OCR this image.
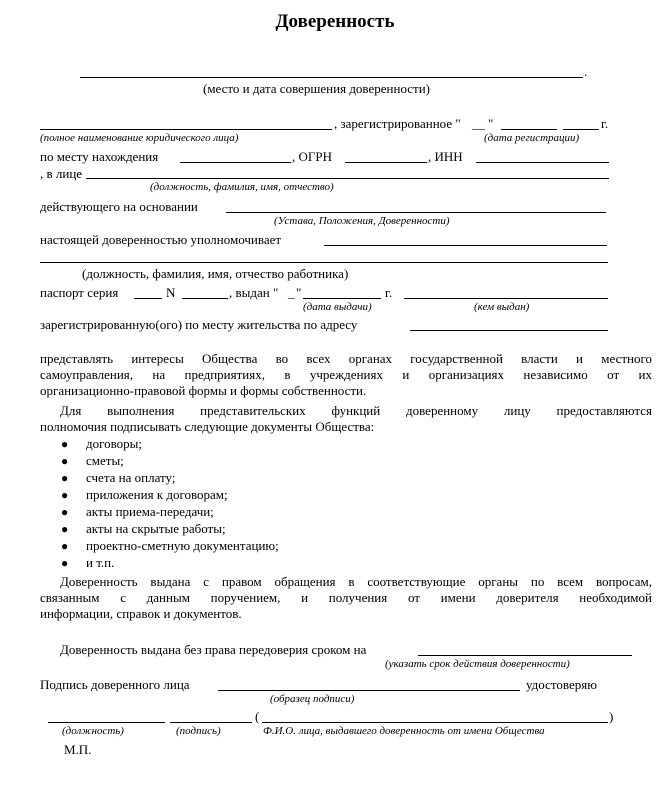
Доверенность
.
(место и дата совершения доверенности)
, зарегистрированное " __ "	г.
(полное наименование юридического лица)	(дата регистрации)
по месту нахождения	, ОГРН	, ИНН
, в лице
(должность, фамилия, имя, отчество)
действующего на основании
(Устава, Положения, Доверенности)
настоящей доверенностью уполномочивает
(должность, фамилия, имя, отчество работника)
паспорт серия	N	, выдан " _ "	г.
(дата выдачи)	(кем выдан)
зарегистрированную(ого) по месту жительства по адресу
представлять интересы Общества во всех органах государственной власти и местного
самоуправления, на предприятиях, в учреждениях и организациях независимо от их
организационно-правовой формы и формы собственности.
Для выполнения представительских функций доверенному лицу предоставляются
полномочия подписывать следующие документы Общества:
● договоры;
● сметы;
● счета на оплату;
● приложения к договорам;
● акты приема-передачи;
● акты на скрытые работы;
● проектно-сметную документацию;
● и т.п.
Доверенность выдана с правом обращения в соответствующие органы по всем вопросам,
связанным с данным поручением, и получения от имени доверителя необходимой
информации, справок и документов.
Доверенность выдана без права передоверия сроком на
(указать срок действия доверенности)
Подпись доверенного лица	удостоверяю
(образец подписи)
(	)
(должность)	(подпись)	Ф.И.О. лица, выдавшего доверенность от имени Общества
М.П.
